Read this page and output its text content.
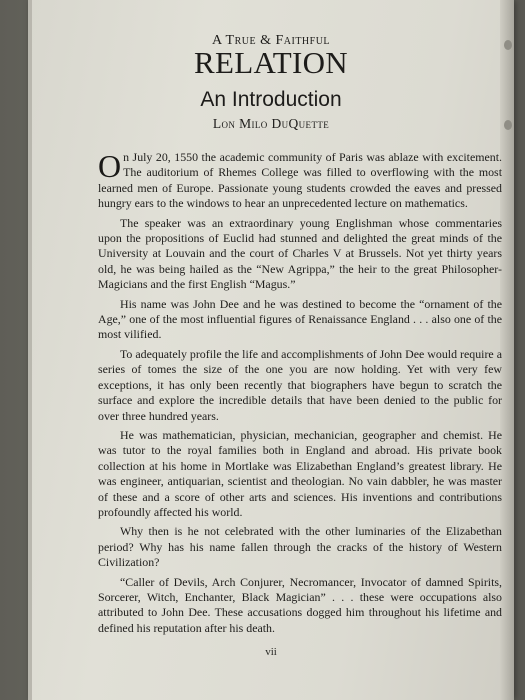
A True & Faithful
RELATION
An Introduction
Lon Milo DuQuette

On July 20, 1550 the academic community of Paris was ablaze with excitement. The auditorium of Rhemes College was filled to overflowing with the most learned men of Europe. Passionate young students crowded the eaves and pressed hungry ears to the windows to hear an unprecedented lecture on mathematics.

The speaker was an extraordinary young Englishman whose commentaries upon the propositions of Euclid had stunned and delighted the great minds of the University at Louvain and the court of Charles V at Brussels. Not yet thirty years old, he was being hailed as the “New Agrippa,” the heir to the great Philosopher-Magicians and the first English “Magus.”

His name was John Dee and he was destined to become the “ornament of the Age,” one of the most influential figures of Renaissance England . . . also one of the most vilified.

To adequately profile the life and accomplishments of John Dee would require a series of tomes the size of the one you are now holding. Yet with very few exceptions, it has only been recently that biographers have begun to scratch the surface and explore the incredible details that have been denied to the public for over three hundred years.

He was mathematician, physician, mechanician, geographer and chemist. He was tutor to the royal families both in England and abroad. His private book collection at his home in Mortlake was Elizabethan England’s greatest library. He was engineer, antiquarian, scientist and theologian. No vain dabbler, he was master of these and a score of other arts and sciences. His inventions and contributions profoundly affected his world.

Why then is he not celebrated with the other luminaries of the Elizabethan period? Why has his name fallen through the cracks of the history of Western Civilization?

“Caller of Devils, Arch Conjurer, Necromancer, Invocator of damned Spirits, Sorcerer, Witch, Enchanter, Black Magician” . . . these were occupations also attributed to John Dee. These accusations dogged him throughout his lifetime and defined his reputation after his death.

vii
